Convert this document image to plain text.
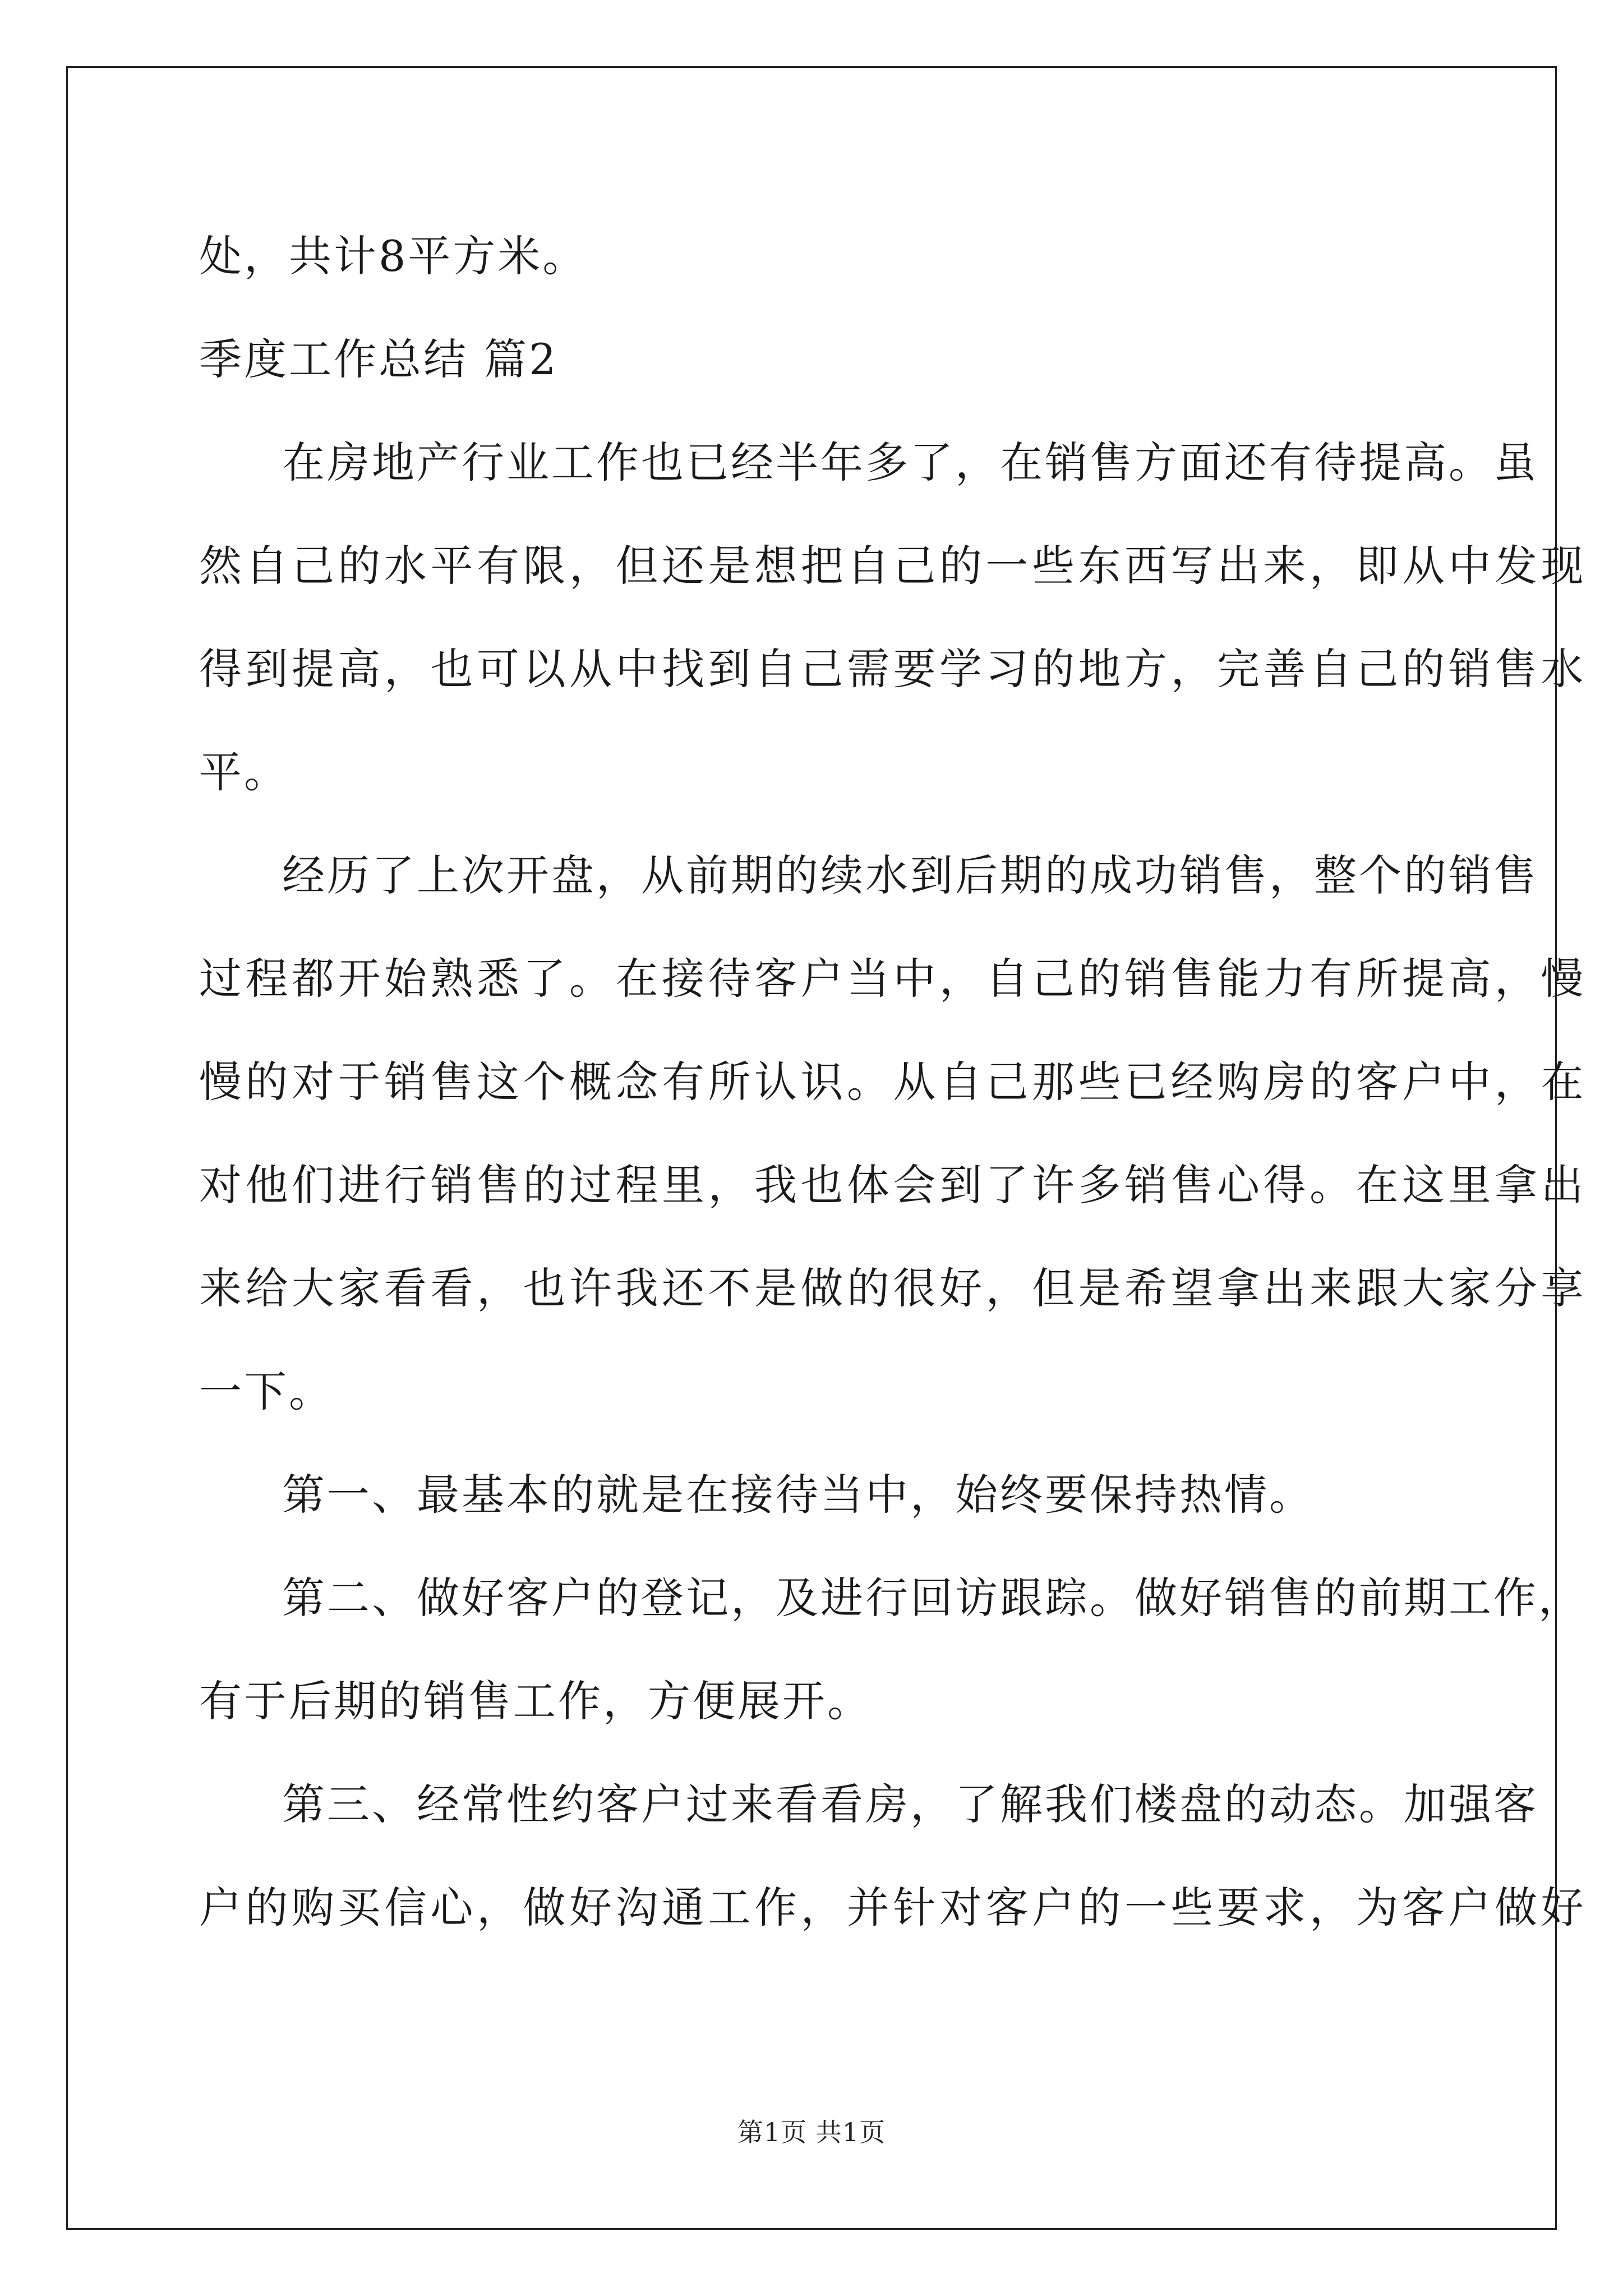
处，共计8平方米。
季度工作总结 篇2
在房地产行业工作也已经半年多了，在销售方面还有待提高。虽
然自己的水平有限，但还是想把自己的一些东西写出来，即从中发现
得到提高，也可以从中找到自己需要学习的地方，完善自己的销售水
平。
经历了上次开盘，从前期的续水到后期的成功销售，整个的销售
过程都开始熟悉了。在接待客户当中，自己的销售能力有所提高，慢
慢的对于销售这个概念有所认识。从自己那些已经购房的客户中，在
对他们进行销售的过程里，我也体会到了许多销售心得。在这里拿出
来给大家看看，也许我还不是做的很好，但是希望拿出来跟大家分享
一下。
第一、最基本的就是在接待当中，始终要保持热情。
第二、做好客户的登记，及进行回访跟踪。做好销售的前期工作，
有于后期的销售工作，方便展开。
第三、经常性约客户过来看看房，了解我们楼盘的动态。加强客
户的购买信心，做好沟通工作，并针对客户的一些要求，为客户做好
第1页 共1页
